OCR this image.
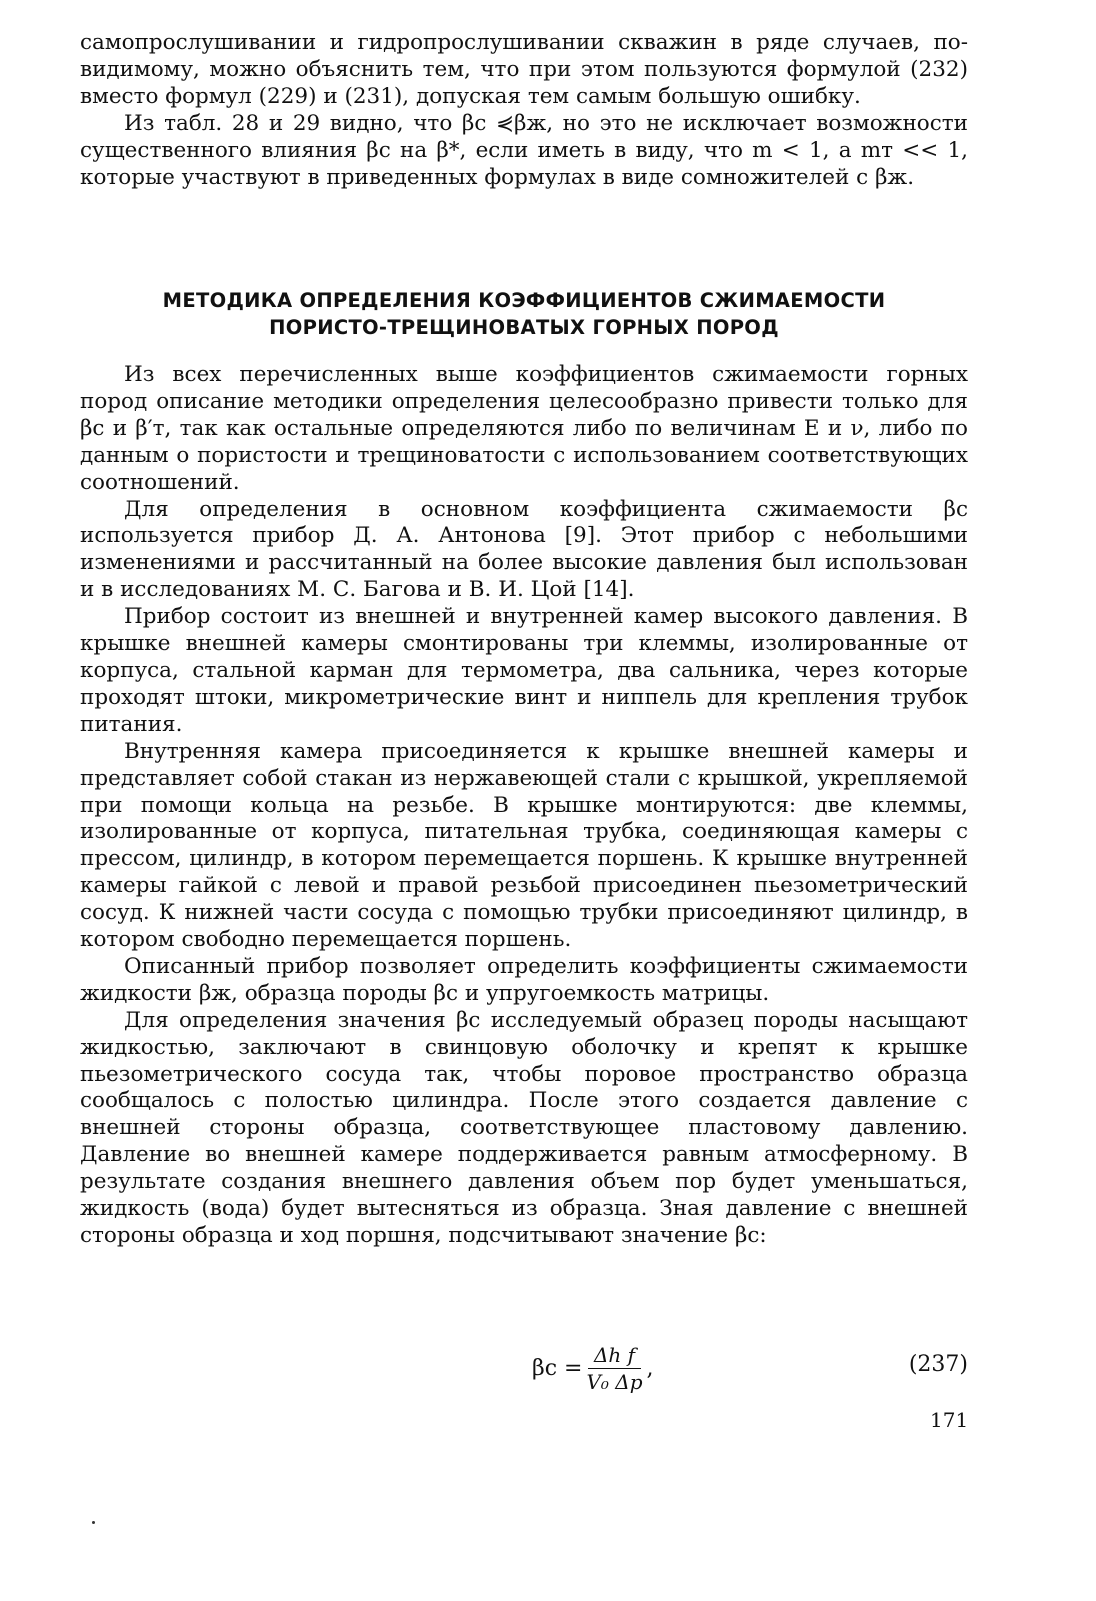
самопрослушивании и гидропрослушивании скважин в ряде случаев, по-видимому, можно объяснить тем, что при этом пользуются формулой (232) вместо формул (229) и (231), допуская тем самым большую ошибку.

Из табл. 28 и 29 видно, что βс ⋞βж, но это не исключает возможности существенного влияния βс на β*, если иметь в виду, что m < 1, a mт << 1, которые участвуют в приведенных формулах в виде сомножителей с βж.

МЕТОДИКА ОПРЕДЕЛЕНИЯ КОЭФФИЦИЕНТОВ СЖИМАЕМОСТИ
ПОРИСТО-ТРЕЩИНОВАТЫХ ГОРНЫХ ПОРОД

Из всех перечисленных выше коэффициентов сжимаемости горных пород описание методики определения целесообразно привести только для βс и β′т, так как остальные определяются либо по величинам E и ν, либо по данным о пористости и трещиноватости с использованием соответствующих соотношений.

Для определения в основном коэффициента сжимаемости βс используется прибор Д. А. Антонова [9]. Этот прибор с небольшими изменениями и рассчитанный на более высокие давления был использован и в исследованиях М. С. Багова и В. И. Цой [14].

Прибор состоит из внешней и внутренней камер высокого давления. В крышке внешней камеры смонтированы три клеммы, изолированные от корпуса, стальной карман для термометра, два сальника, через которые проходят штоки, микрометрические винт и ниппель для крепления трубок питания.

Внутренняя камера присоединяется к крышке внешней камеры и представляет собой стакан из нержавеющей стали с крышкой, укрепляемой при помощи кольца на резьбе. В крышке монтируются: две клеммы, изолированные от корпуса, питательная трубка, соединяющая камеры с прессом, цилиндр, в котором перемещается поршень. К крышке внутренней камеры гайкой с левой и правой резьбой присоединен пьезометрический сосуд. К нижней части сосуда с помощью трубки присоединяют цилиндр, в котором свободно перемещается поршень.

Описанный прибор позволяет определить коэффициенты сжимаемости жидкости βж, образца породы βс и упругоемкость матрицы.

Для определения значения βс исследуемый образец породы насыщают жидкостью, заключают в свинцовую оболочку и крепят к крышке пьезометрического сосуда так, чтобы поровое пространство образца сообщалось с полостью цилиндра. После этого создается давление с внешней стороны образца, соответствующее пластовому давлению. Давление во внешней камере поддерживается равным атмосферному. В результате создания внешнего давления объем пор будет уменьшаться, жидкость (вода) будет вытесняться из образца. Зная давление с внешней стороны образца и ход поршня, подсчитывают значение βс:

$\beta с = \frac{\text{Δh f}}{\text{V₀ Δp}}$ ,	(237)
171
